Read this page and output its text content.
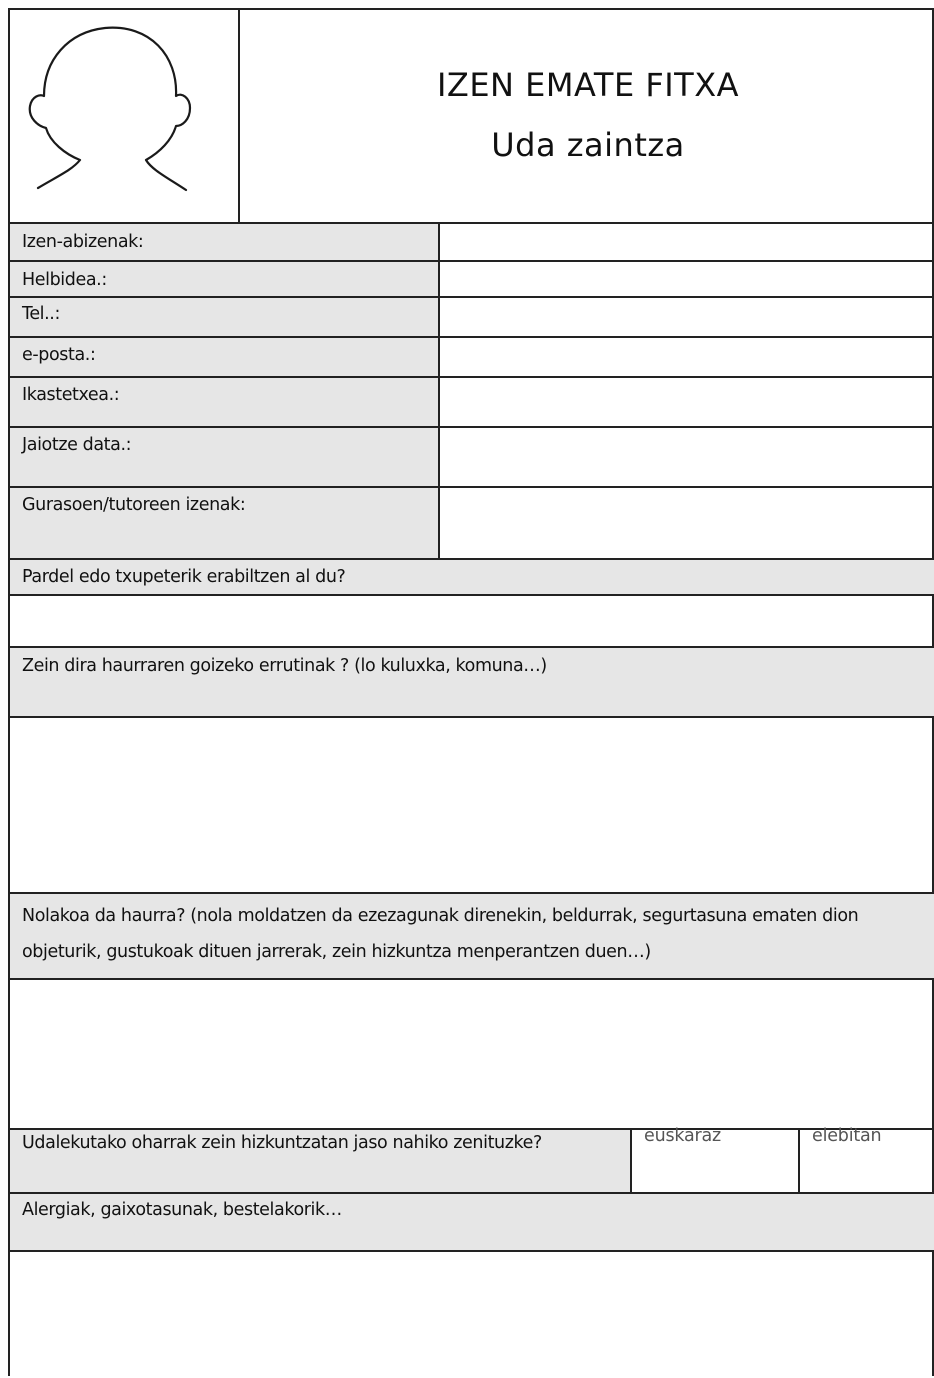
IZEN EMATE FITXA
Uda zaintza
Izen-abizenak:
Helbidea.:
Tel..:
e-posta.:
Ikastetxea.:
Jaiotze data.:
Gurasoen/tutoreen izenak:
Pardel edo txupeterik erabiltzen al du?
Zein dira haurraren goizeko errutinak ? (lo kuluxka, komuna…)
Nolakoa da haurra? (nola moldatzen da ezezagunak direnekin, beldurrak, segurtasuna ematen dion objeturik, gustukoak dituen jarrerak, zein hizkuntza menperantzen duen…)
Udalekutako oharrak zein hizkuntzatan jaso nahiko zenituzke?	euskaraz	elebitan
Alergiak, gaixotasunak, bestelakorik…
